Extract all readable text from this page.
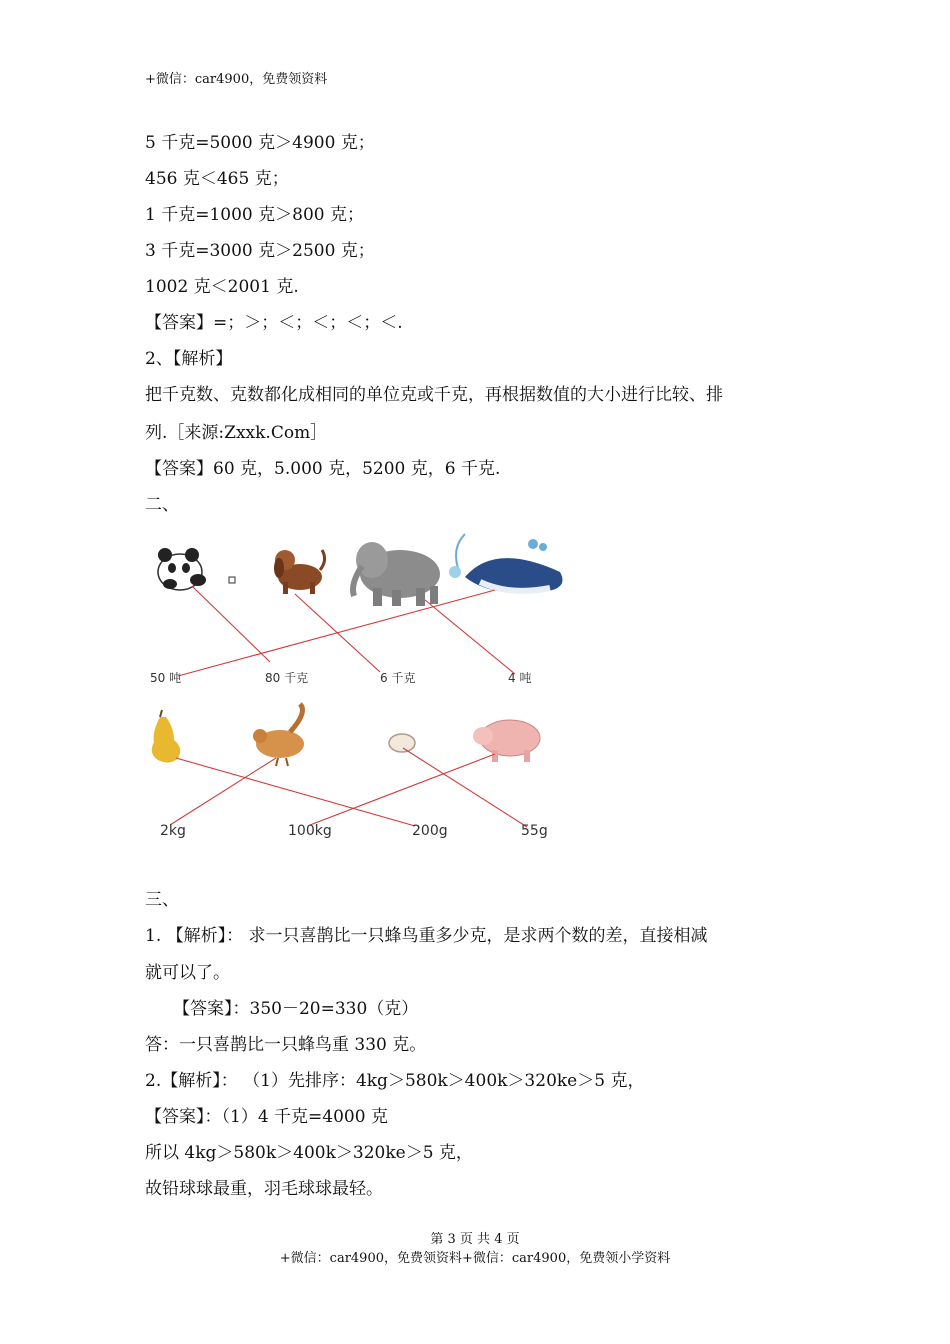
+微信：car4900，免费领资料
5 千克=5000 克＞4900 克；
456 克＜465 克；
1 千克=1000 克＞800 克；
3 千克=3000 克＞2500 克；
1002 克＜2001 克.
【答案】=；＞；＜；＜；＜；＜.
2、【解析】
把千克数、克数都化成相同的单位克或千克，再根据数值的大小进行比较、排
列.［来源:Zxxk.Com］
【答案】60 克，5.000 克，5200 克，6 千克.
二、
50 吨	80 千克	6 千克	4 吨
2kg	100kg	200g	55g
三、
1. 【解析】： 求一只喜鹊比一只蜂鸟重多少克，是求两个数的差，直接相减
就可以了。
【答案】：350－20=330（克）
答：一只喜鹊比一只蜂鸟重 330 克。
2.【解析】： （1）先排序：4kg＞580k＞400k＞320ke＞5 克，
【答案】：（1）4 千克=4000 克
所以 4kg＞580k＞400k＞320ke＞5 克，
故铅球球最重，羽毛球球最轻。
第 3 页 共 4 页
+微信：car4900，免费领资料+微信：car4900，免费领小学资料
